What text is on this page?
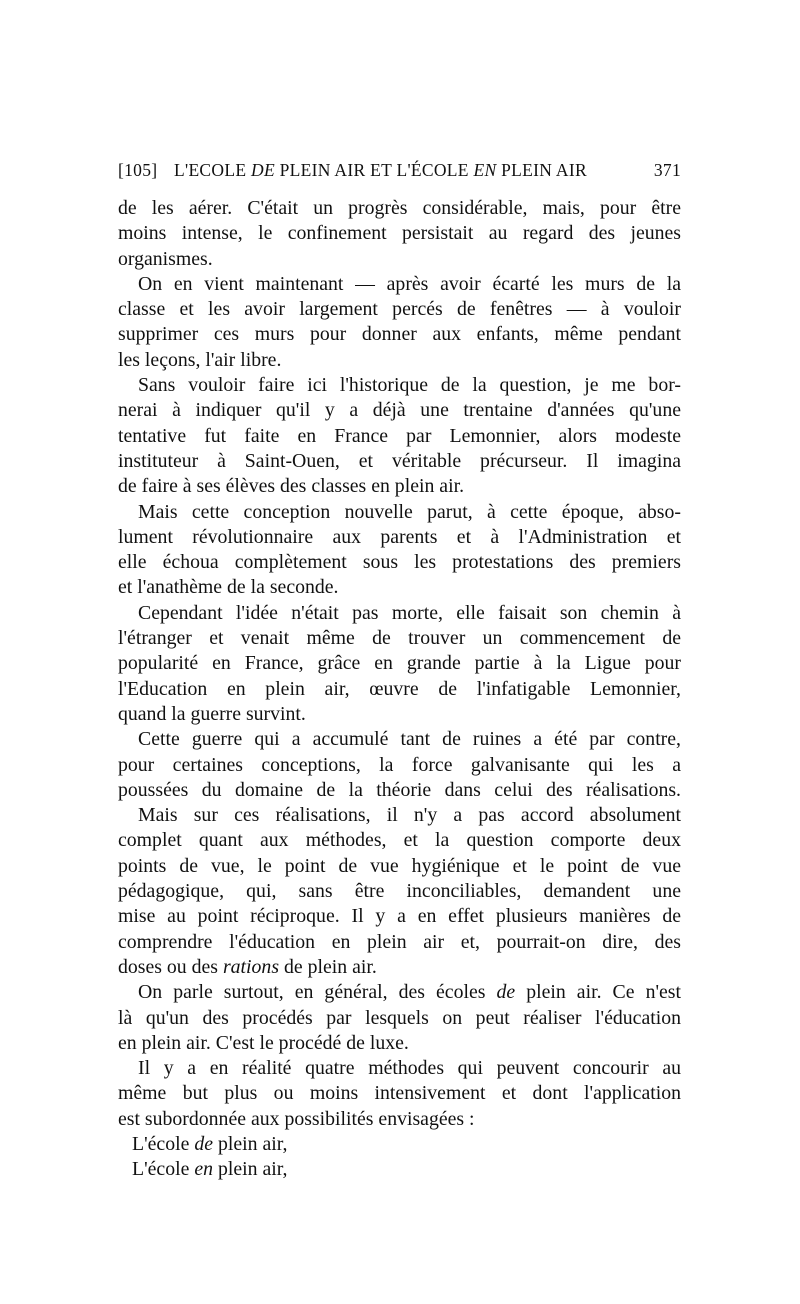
[105] L'ECOLE DE PLEIN AIR ET L'ÉCOLE EN PLEIN AIR	371
de les aérer. C'était un progrès considérable, mais, pour être
moins intense, le confinement persistait au regard des jeunes
organismes.
On en vient maintenant — après avoir écarté les murs de la
classe et les avoir largement percés de fenêtres — à vouloir
supprimer ces murs pour donner aux enfants, même pendant
les leçons, l'air libre.
Sans vouloir faire ici l'historique de la question, je me bor-
nerai à indiquer qu'il y a déjà une trentaine d'années qu'une
tentative fut faite en France par Lemonnier, alors modeste
instituteur à Saint-Ouen, et véritable précurseur. Il imagina
de faire à ses élèves des classes en plein air.
Mais cette conception nouvelle parut, à cette époque, abso-
lument révolutionnaire aux parents et à l'Administration et
elle échoua complètement sous les protestations des premiers
et l'anathème de la seconde.
Cependant l'idée n'était pas morte, elle faisait son chemin à
l'étranger et venait même de trouver un commencement de
popularité en France, grâce en grande partie à la Ligue pour
l'Education en plein air, œuvre de l'infatigable Lemonnier,
quand la guerre survint.
Cette guerre qui a accumulé tant de ruines a été par contre,
pour certaines conceptions, la force galvanisante qui les a
poussées du domaine de la théorie dans celui des réalisations.
Mais sur ces réalisations, il n'y a pas accord absolument
complet quant aux méthodes, et la question comporte deux
points de vue, le point de vue hygiénique et le point de vue
pédagogique, qui, sans être inconciliables, demandent une
mise au point réciproque. Il y a en effet plusieurs manières de
comprendre l'éducation en plein air et, pourrait-on dire, des
doses ou des rations de plein air.
On parle surtout, en général, des écoles de plein air. Ce n'est
là qu'un des procédés par lesquels on peut réaliser l'éducation
en plein air. C'est le procédé de luxe.
Il y a en réalité quatre méthodes qui peuvent concourir au
même but plus ou moins intensivement et dont l'application
est subordonnée aux possibilités envisagées :
L'école de plein air,
L'école en plein air,
